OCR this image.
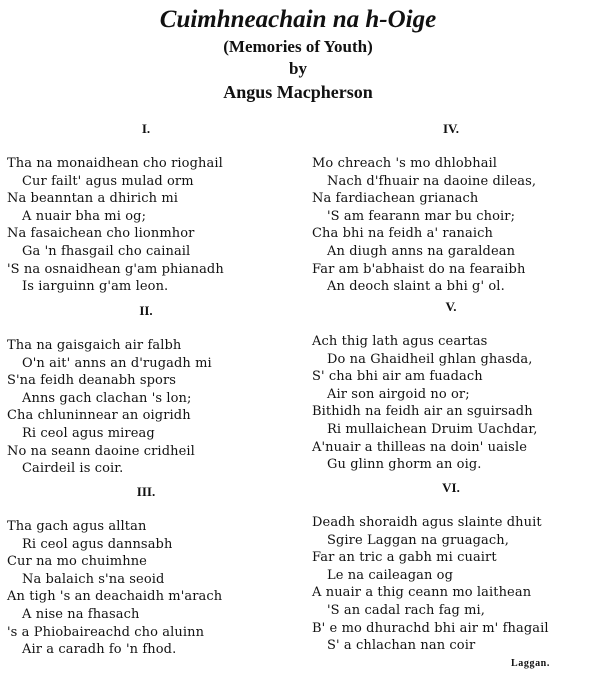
Cuimhneachain na h-Oige
(Memories of Youth)
by
Angus Macpherson
I.
Tha na monaidhean cho rioghail
Cur failt' agus mulad orm
Na beanntan a dhirich mi
A nuair bha mi og;
Na fasaichean cho lionmhor
Ga 'n fhasgail cho cainail
'S na osnaidhean g'am phianadh
Is iarguinn g'am leon.
II.
Tha na gaisgaich air falbh
O'n ait' anns an d'rugadh mi
S'na feidh deanabh spors
Anns gach clachan 's lon;
Cha chluninnear an oigridh
Ri ceol agus mireag
No na seann daoine cridheil
Cairdeil is coir.
III.
Tha gach agus alltan
Ri ceol agus dannsabh
Cur na mo chuimhne
Na balaich s'na seoid
An tigh 's an deachaidh m'arach
A nise na fhasach
's a Phiobaireachd cho aluinn
Air a caradh fo 'n fhod.
IV.
Mo chreach 's mo dhlobhail
Nach d'fhuair na daoine dileas,
Na fardiachean grianach
'S am fearann mar bu choir;
Cha bhi na feidh a' ranaich
An diugh anns na garaldean
Far am b'abhaist do na fearaibh
An deoch slaint a bhi g' ol.
V.
Ach thig lath agus ceartas
Do na Ghaidheil ghlan ghasda,
S' cha bhi air am fuadach
Air son airgoid no or;
Bithidh na feidh air an sguirsadh
Ri mullaichean Druim Uachdar,
A'nuair a thilleas na doin' uaisle
Gu glinn ghorm an oig.
VI.
Deadh shoraidh agus slainte dhuit
Sgire Laggan na gruagach,
Far an tric a gabh mi cuairt
Le na caileagan og
A nuair a thig ceann mo laithean
'S an cadal rach fag mi,
B' e mo dhurachd bhi air m' fhagail
S' a chlachan nan coir
Laggan.
